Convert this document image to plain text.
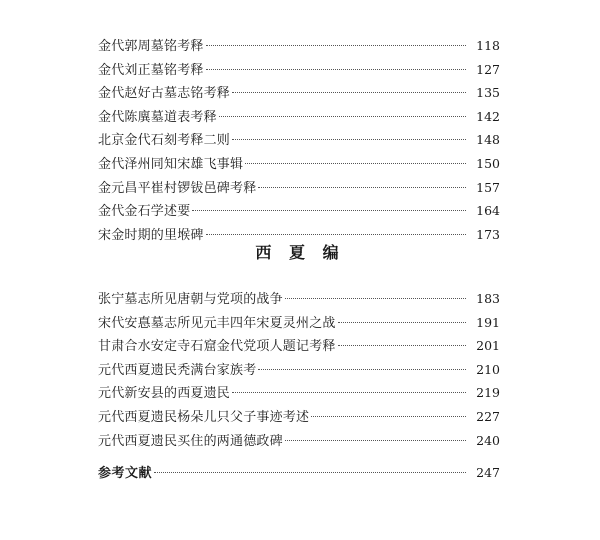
金代郭周墓铭考释	118
金代刘正墓铭考释	127
金代赵好古墓志铭考释	135
金代陈廙墓道表考释	142
北京金代石刻考释二则	148
金代泽州同知宋雄飞事辑	150
金元昌平崔村锣钹邑碑考释	157
金代金石学述要	164
宋金时期的里堠碑	173
西 夏 编
张宁墓志所见唐朝与党项的战争	183
宋代安惪墓志所见元丰四年宋夏灵州之战	191
甘肃合水安定寺石窟金代党项人题记考释	201
元代西夏遗民秃满台家族考	210
元代新安县的西夏遗民	219
元代西夏遗民杨朵儿只父子事迹考述	227
元代西夏遗民买住的两通德政碑	240
参考文献	247
